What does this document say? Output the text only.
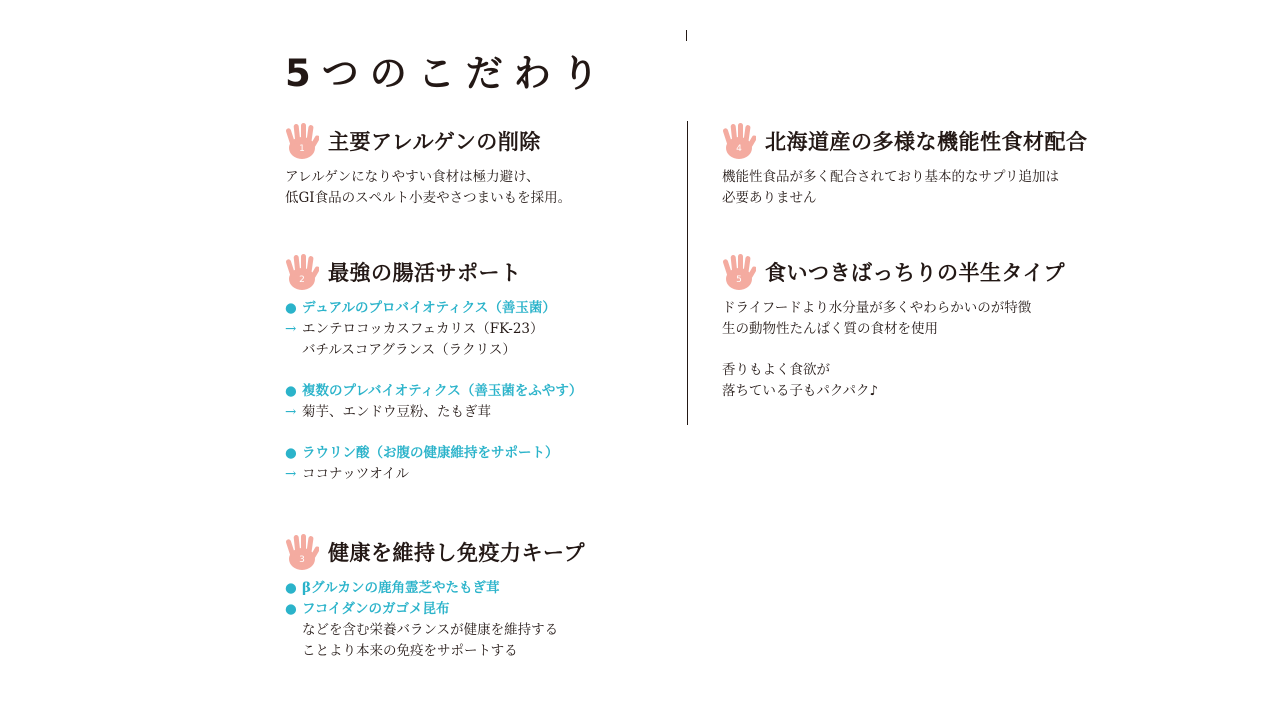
5つのこだわり
1 主要アレルゲンの削除
アレルゲンになりやすい食材は極力避け、
低GI食品のスペルト小麦やさつまいもを採用。
2 最強の腸活サポート
● デュアルのプロバイオティクス（善玉菌）
→ エンテロコッカスフェカリス（FK-23）
バチルスコアグランス（ラクリス）
● 複数のプレバイオティクス（善玉菌をふやす）
→ 菊芋、エンドウ豆粉、たもぎ茸
● ラウリン酸（お腹の健康維持をサポート）
→ ココナッツオイル
3 健康を維持し免疫力キープ
● βグルカンの鹿角霊芝やたもぎ茸
● フコイダンのガゴメ昆布
などを含む栄養バランスが健康を維持する
ことより本来の免疫をサポートする
4 北海道産の多様な機能性食材配合
機能性食品が多く配合されており基本的なサプリ追加は
必要ありません
5 食いつきばっちりの半生タイプ
ドライフードより水分量が多くやわらかいのが特徴
生の動物性たんぱく質の食材を使用
香りもよく食欲が
落ちている子もパクパク♪
